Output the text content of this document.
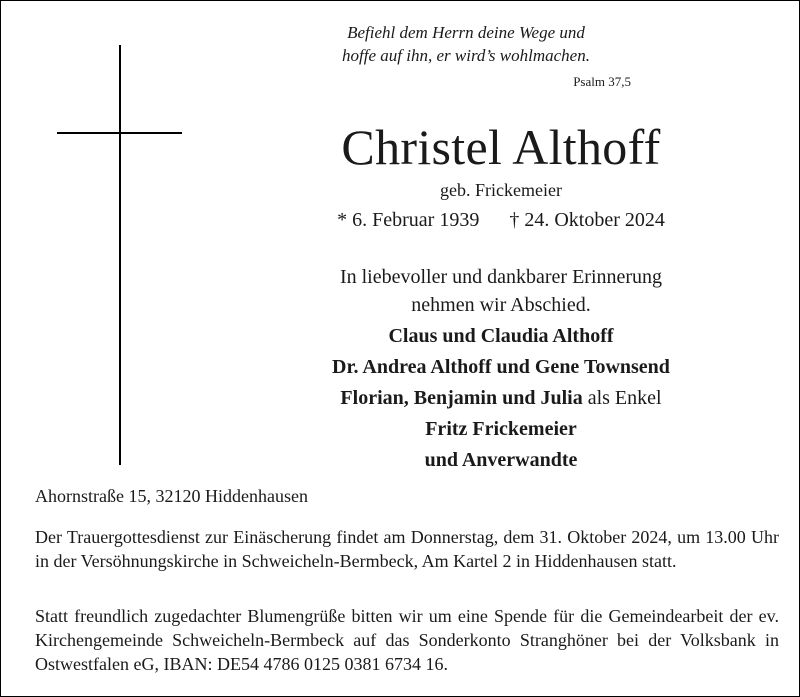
Befiehl dem Herrn deine Wege und
hoffe auf ihn, er wird’s wohlmachen.
Psalm 37,5
Christel Althoff
geb. Frickemeier
* 6. Februar 1939 † 24. Oktober 2024
In liebevoller und dankbarer Erinnerung
nehmen wir Abschied.
Claus und Claudia Althoff
Dr. Andrea Althoff und Gene Townsend
Florian, Benjamin und Julia als Enkel
Fritz Frickemeier
und Anverwandte
Ahornstraße 15, 32120 Hiddenhausen
Der Trauergottesdienst zur Einäscherung findet am Donnerstag, dem 31. Oktober 2024, um 13.00 Uhr in der Versöhnungskirche in Schweicheln-Bermbeck, Am Kartel 2 in Hiddenhausen statt.
Statt freundlich zugedachter Blumengrüße bitten wir um eine Spende für die Gemeindearbeit der ev. Kirchengemeinde Schweicheln-Bermbeck auf das Sonderkonto Stranghöner bei der Volksbank in Ostwestfalen eG, IBAN: DE54 4786 0125 0381 6734 16.
